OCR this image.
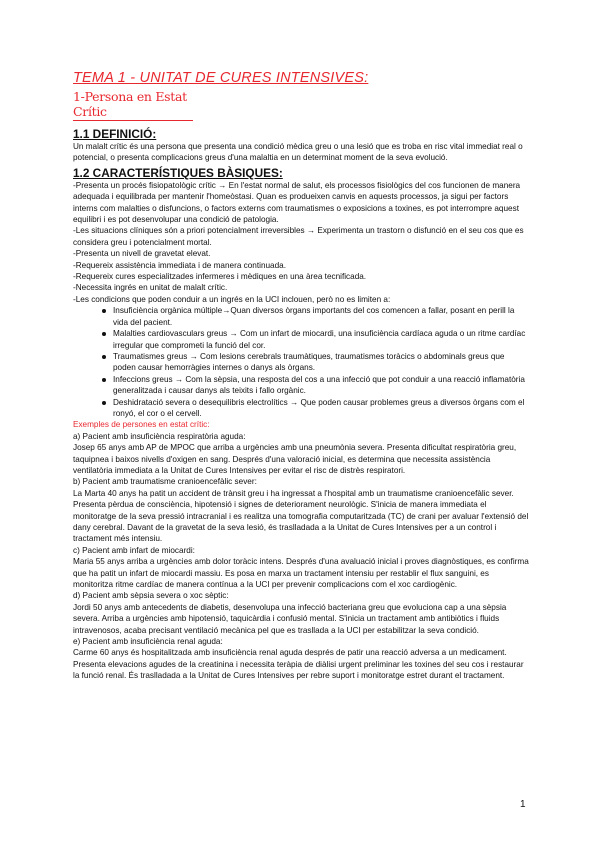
TEMA 1 - UNITAT DE CURES INTENSIVES:
1-Persona en Estat Crític
1.1 DEFINICIÓ:

Un malalt crític és una persona que presenta una condició mèdica greu o una lesió que es troba en risc vital immediat real o potencial, o presenta complicacions greus d'una malaltia en un determinat moment de la seva evolució.

1.2 CARACTERÍSTIQUES BÀSIQUES:

-Presenta un procés fisiopatològic crític → En l'estat normal de salut, els processos fisiològics del cos funcionen de manera adequada i equilibrada per mantenir l'homeòstasi. Quan es produeixen canvis en aquests processos, ja sigui per factors interns com malalties o disfuncions, o factors externs com traumatismes o exposicions a toxines, es pot interrompre aquest equilibri i es pot desenvolupar una condició de patologia.

-Les situacions clíniques són a priori potencialment irreversibles → Experimenta un trastorn o disfunció en el seu cos que es considera greu i potencialment mortal.

-Presenta un nivell de gravetat elevat.

-Requereix assistència immediata i de manera continuada.

-Requereix cures especialitzades infermeres i mèdiques en una àrea tecnificada.

-Necessita ingrés en unitat de malalt crític.

-Les condicions que poden conduir a un ingrés en la UCI inclouen, però no es limiten a:

Insuficiència orgànica múltiple→Quan diversos òrgans importants del cos comencen a fallar, posant en perill la vida del pacient.
Malalties cardiovasculars greus → Com un infart de miocardi, una insuficiència cardíaca aguda o un ritme cardíac irregular que comprometi la funció del cor.
Traumatismes greus → Com lesions cerebrals traumàtiques, traumatismes toràcics o abdominals greus que poden causar hemorràgies internes o danys als òrgans.
Infeccions greus → Com la sèpsia, una resposta del cos a una infecció que pot conduir a una reacció inflamatòria generalitzada i causar danys als teixits i fallo orgànic.
Deshidratació severa o desequilibris electrolítics → Que poden causar problemes greus a diversos òrgans com el ronyó, el cor o el cervell.

Exemples de persones en estat crític:

a) Pacient amb insuficiència respiratòria aguda:

Josep 65 anys amb AP de MPOC que arriba a urgències amb una pneumònia severa. Presenta dificultat respiratòria greu, taquipnea i baixos nivells d'oxigen en sang. Després d'una valoració inicial, es determina que necessita assistència ventilatòria immediata a la Unitat de Cures Intensives per evitar el risc de distrès respiratori.

b) Pacient amb traumatisme cranioencefàlic sever:

La Marta 40 anys ha patit un accident de trànsit greu i ha ingressat a l'hospital amb un traumatisme cranioencefàlic sever. Presenta pèrdua de consciència, hipotensió i signes de deteriorament neurològic. S'inicia de manera immediata el monitoratge de la seva pressió intracranial i es realitza una tomografia computaritzada (TC) de crani per avaluar l'extensió del dany cerebral. Davant de la gravetat de la seva lesió, és traslladada a la Unitat de Cures Intensives per a un control i tractament més intensiu.

c) Pacient amb infart de miocardi:

Maria 55 anys arriba a urgències amb dolor toràcic intens. Després d'una avaluació inicial i proves diagnòstiques, es confirma que ha patit un infart de miocardi massiu. Es posa en marxa un tractament intensiu per restablir el flux sanguini, es monitoritza ritme cardíac de manera contínua a la UCI per prevenir complicacions com el xoc cardiogènic.

d) Pacient amb sèpsia severa o xoc sèptic:

Jordi 50 anys amb antecedents de diabetis, desenvolupa una infecció bacteriana greu que evoluciona cap a una sèpsia severa. Arriba a urgències amb hipotensió, taquicàrdia i confusió mental. S'inicia un tractament amb antibiòtics i fluids intravenosos, acaba precisant ventilació mecànica pel que es trasllada a la UCI per estabilitzar la seva condició.

e) Pacient amb insuficiència renal aguda:

Carme 60 anys és hospitalitzada amb insuficiència renal aguda després de patir una reacció adversa a un medicament. Presenta elevacions agudes de la creatinina i necessita teràpia de diàlisi urgent preliminar les toxines del seu cos i restaurar la funció renal. És traslladada a la Unitat de Cures Intensives per rebre suport i monitoratge estret durant el tractament.

1
